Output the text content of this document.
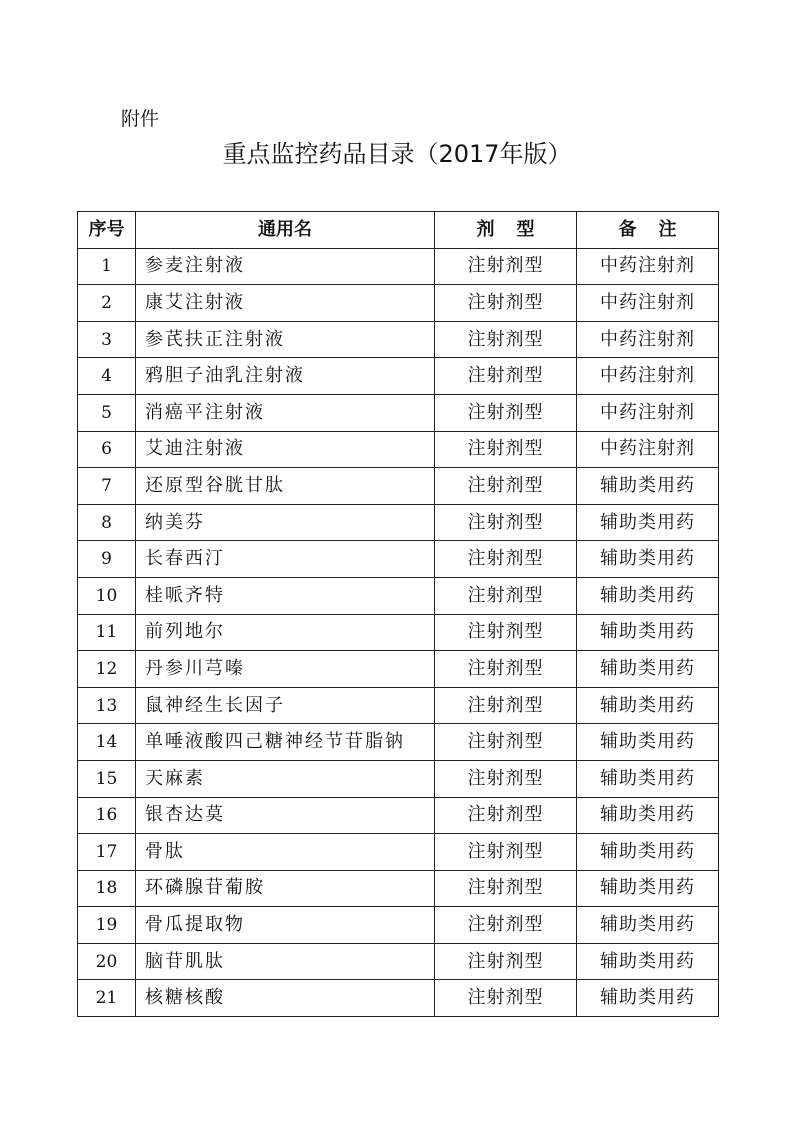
附件
重点监控药品目录（2017年版）
序号	通用名	剂型	备注
1	参麦注射液	注射剂型	中药注射剂
2	康艾注射液	注射剂型	中药注射剂
3	参芪扶正注射液	注射剂型	中药注射剂
4	鸦胆子油乳注射液	注射剂型	中药注射剂
5	消癌平注射液	注射剂型	中药注射剂
6	艾迪注射液	注射剂型	中药注射剂
7	还原型谷胱甘肽	注射剂型	辅助类用药
8	纳美芬	注射剂型	辅助类用药
9	长春西汀	注射剂型	辅助类用药
10	桂哌齐特	注射剂型	辅助类用药
11	前列地尔	注射剂型	辅助类用药
12	丹参川芎嗪	注射剂型	辅助类用药
13	鼠神经生长因子	注射剂型	辅助类用药
14	单唾液酸四己糖神经节苷脂钠	注射剂型	辅助类用药
15	天麻素	注射剂型	辅助类用药
16	银杏达莫	注射剂型	辅助类用药
17	骨肽	注射剂型	辅助类用药
18	环磷腺苷葡胺	注射剂型	辅助类用药
19	骨瓜提取物	注射剂型	辅助类用药
20	脑苷肌肽	注射剂型	辅助类用药
21	核糖核酸	注射剂型	辅助类用药
